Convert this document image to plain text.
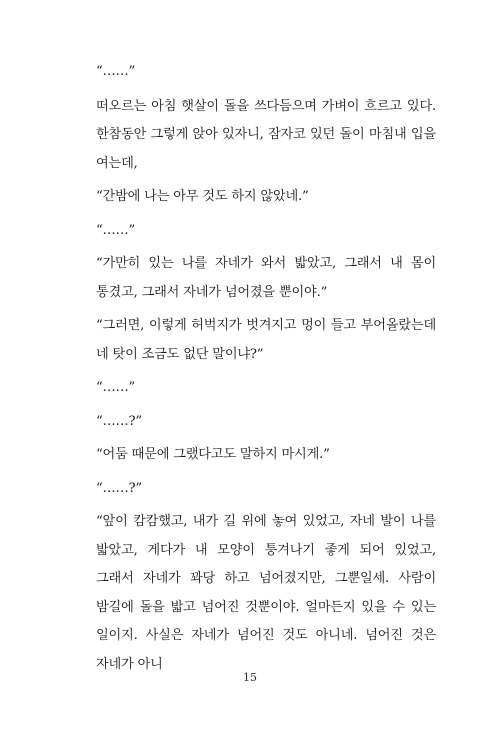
“……”

떠오르는 아침 햇살이 돌을 쓰다듬으며 가벼이 흐르고 있다. 한참동안 그렇게 앉아 있자니, 잠자코 있던 돌이 마침내 입을 여는데,

“간밤에 나는 아무 것도 하지 않았네.”

“……”

“가만히 있는 나를 자네가 와서 밟았고, 그래서 내 몸이 통겼고, 그래서 자네가 넘어졌을 뿐이야.”

“그러면, 이렇게 허벅지가 벗겨지고 멍이 들고 부어올랐는데 네 탓이 조금도 없단 말이냐?”

“……”

“……?”

“어둠 때문에 그랬다고도 말하지 마시게.”

“……?”

“앞이 캄캄했고, 내가 길 위에 놓여 있었고, 자네 발이 나를 밟았고, 게다가 내 모양이 퉁겨나기 좋게 되어 있었고, 그래서 자네가 꽈당 하고 넘어졌지만, 그뿐일세. 사람이 밤길에 돌을 밟고 넘어진 것뿐이야. 얼마든지 있을 수 있는 일이지. 사실은 자네가 넘어진 것도 아니네. 넘어진 것은 자네가 아니

15
